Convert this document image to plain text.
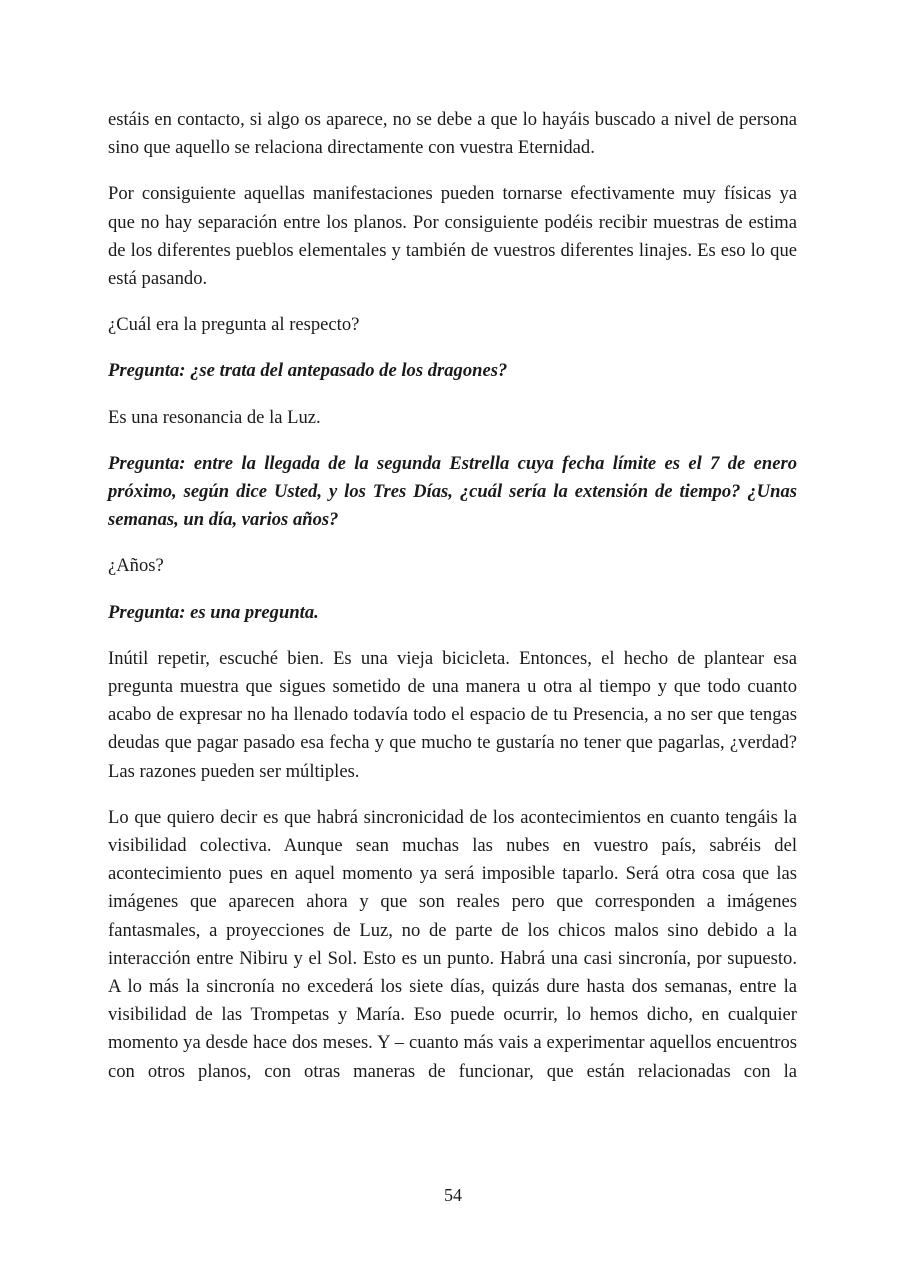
estáis en contacto, si algo os aparece, no se debe a que lo hayáis buscado a nivel de persona sino que aquello se relaciona directamente con vuestra Eternidad.

Por consiguiente aquellas manifestaciones pueden tornarse efectivamente muy físicas ya que no hay separación entre los planos. Por consiguiente podéis recibir muestras de estima de los diferentes pueblos elementales y también de vuestros diferentes linajes. Es eso lo que está pasando.

¿Cuál era la pregunta al respecto?

Pregunta: ¿se trata del antepasado de los dragones?

Es una resonancia de la Luz.

Pregunta: entre la llegada de la segunda Estrella cuya fecha límite es el 7 de enero próximo, según dice Usted, y los Tres Días, ¿cuál sería la extensión de tiempo? ¿Unas semanas, un día, varios años?

¿Años?

Pregunta: es una pregunta.

Inútil repetir, escuché bien. Es una vieja bicicleta. Entonces, el hecho de plantear esa pregunta muestra que sigues sometido de una manera u otra al tiempo y que todo cuanto acabo de expresar no ha llenado todavía todo el espacio de tu Presencia, a no ser que tengas deudas que pagar pasado esa fecha y que mucho te gustaría no tener que pagarlas, ¿verdad? Las razones pueden ser múltiples.

Lo que quiero decir es que habrá sincronicidad de los acontecimientos en cuanto tengáis la visibilidad colectiva. Aunque sean muchas las nubes en vuestro país, sabréis del acontecimiento pues en aquel momento ya será imposible taparlo. Será otra cosa que las imágenes que aparecen ahora y que son reales pero que corresponden a imágenes fantasmales, a proyecciones de Luz, no de parte de los chicos malos sino debido a la interacción entre Nibiru y el Sol. Esto es un punto. Habrá una casi sincronía, por supuesto. A lo más la sincronía no excederá los siete días, quizás dure hasta dos semanas, entre la visibilidad de las Trompetas y María. Eso puede ocurrir, lo hemos dicho, en cualquier momento ya desde hace dos meses. Y – cuanto más vais a experimentar aquellos encuentros con otros planos, con otras maneras de funcionar, que están relacionadas con la

54
